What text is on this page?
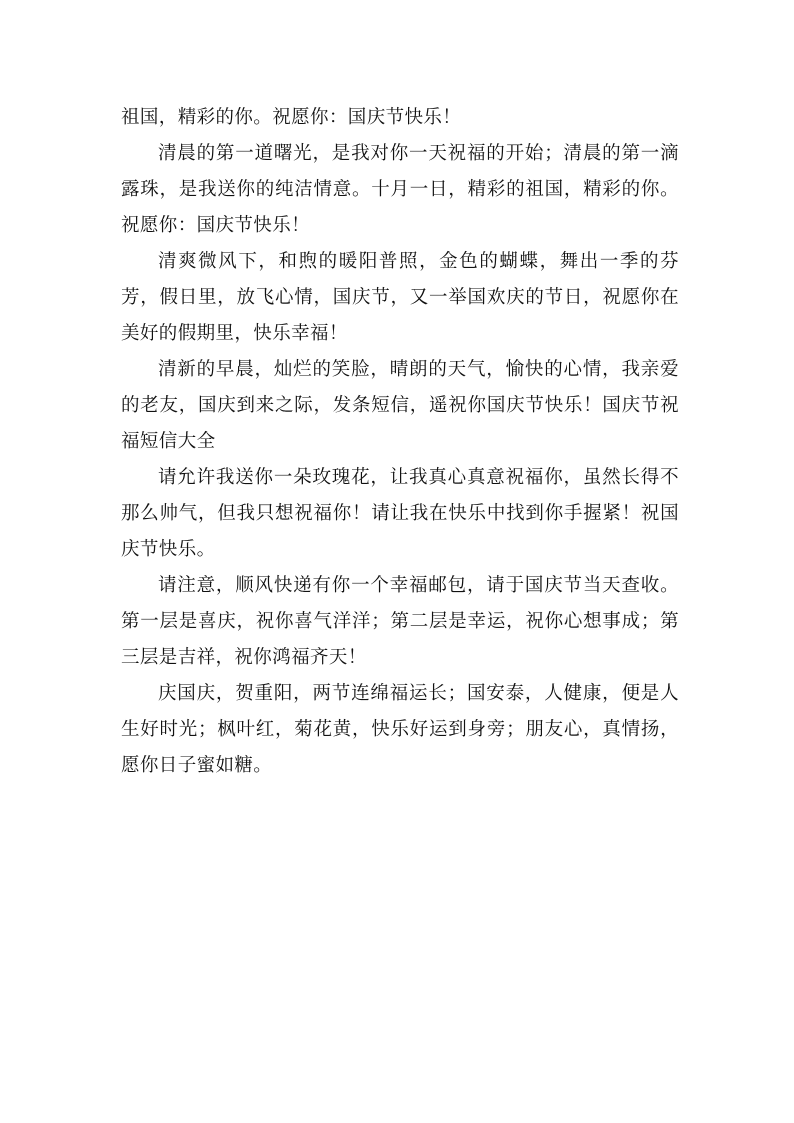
祖国，精彩的你。祝愿你：国庆节快乐！

清晨的第一道曙光，是我对你一天祝福的开始；清晨的第一滴露珠，是我送你的纯洁情意。十月一日，精彩的祖国，精彩的你。祝愿你：国庆节快乐！

清爽微风下，和煦的暖阳普照，金色的蝴蝶，舞出一季的芬芳，假日里，放飞心情，国庆节，又一举国欢庆的节日，祝愿你在美好的假期里，快乐幸福！

清新的早晨，灿烂的笑脸，晴朗的天气，愉快的心情，我亲爱的老友，国庆到来之际，发条短信，遥祝你国庆节快乐！国庆节祝福短信大全

请允许我送你一朵玫瑰花，让我真心真意祝福你，虽然长得不那么帅气，但我只想祝福你！请让我在快乐中找到你手握紧！祝国庆节快乐。

请注意，顺风快递有你一个幸福邮包，请于国庆节当天查收。第一层是喜庆，祝你喜气洋洋；第二层是幸运，祝你心想事成；第三层是吉祥，祝你鸿福齐天！

庆国庆，贺重阳，两节连绵福运长；国安泰，人健康，便是人生好时光；枫叶红，菊花黄，快乐好运到身旁；朋友心，真情扬，愿你日子蜜如糖。
